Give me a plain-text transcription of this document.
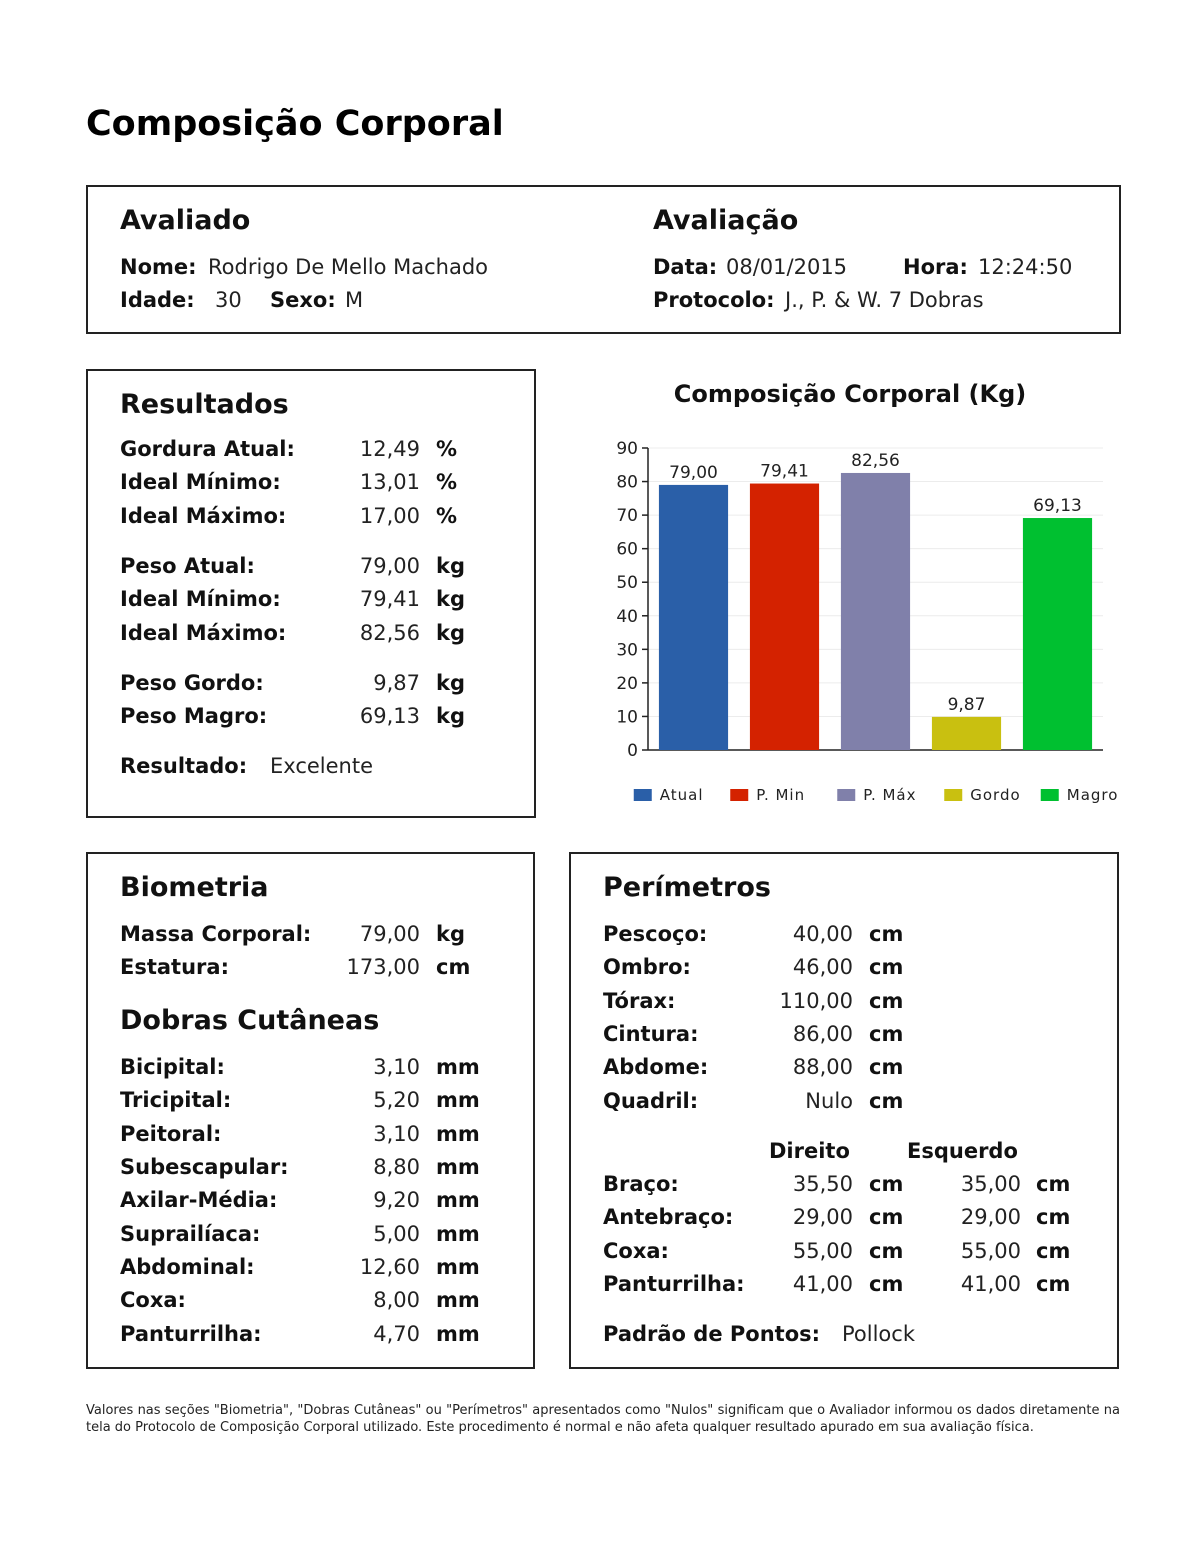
Composição Corporal
Avaliado
Nome: Rodrigo De Mello Machado
Idade: 30 Sexo: M
Avaliação
Data: 08/01/2015	Hora: 12:24:50
Protocolo: J., P. & W. 7 Dobras
Resultados
Gordura Atual:	12,49 %
Ideal Mínimo:	13,01 %
Ideal Máximo:	17,00 %
Peso Atual:	79,00 kg
Ideal Mínimo:	79,41 kg
Ideal Máximo:	82,56 kg
Peso Gordo:	9,87 kg
Peso Magro:	69,13 kg
Resultado: Excelente
Composição Corporal (Kg)
0
10
20
30
40
50
60
70
80
90
79,00 79,41
82,56
9,87
69,13
Atual	P. Min	P. Máx	Gordo	Magro
Biometria
Massa Corporal:	79,00 kg
Estatura:	173,00 cm
Dobras Cutâneas
Bicipital:	3,10 mm
Tricipital:	5,20 mm
Peitoral:	3,10 mm
Subescapular:	8,80 mm
Axilar-Média:	9,20 mm
Suprailíaca:	5,00 mm
Abdominal:	12,60 mm
Coxa:	8,00 mm
Panturrilha:	4,70 mm
Perímetros
Pescoço:	40,00 cm
Ombro:	46,00 cm
Tórax:	110,00 cm
Cintura:	86,00 cm
Abdome:	88,00 cm
Quadril:	Nulo cm
Direito	Esquerdo
Braço:	35,50 cm	35,00 cm
Antebraço:	29,00 cm	29,00 cm
Coxa:	55,00 cm	55,00 cm
Panturrilha:	41,00 cm	41,00 cm
Padrão de Pontos: Pollock
Valores nas seções "Biometria", "Dobras Cutâneas" ou "Perímetros" apresentados como "Nulos" significam que o Avaliador informou os dados diretamente na tela do Protocolo de Composição Corporal utilizado. Este procedimento é normal e não afeta qualquer resultado apurado em sua avaliação física.
